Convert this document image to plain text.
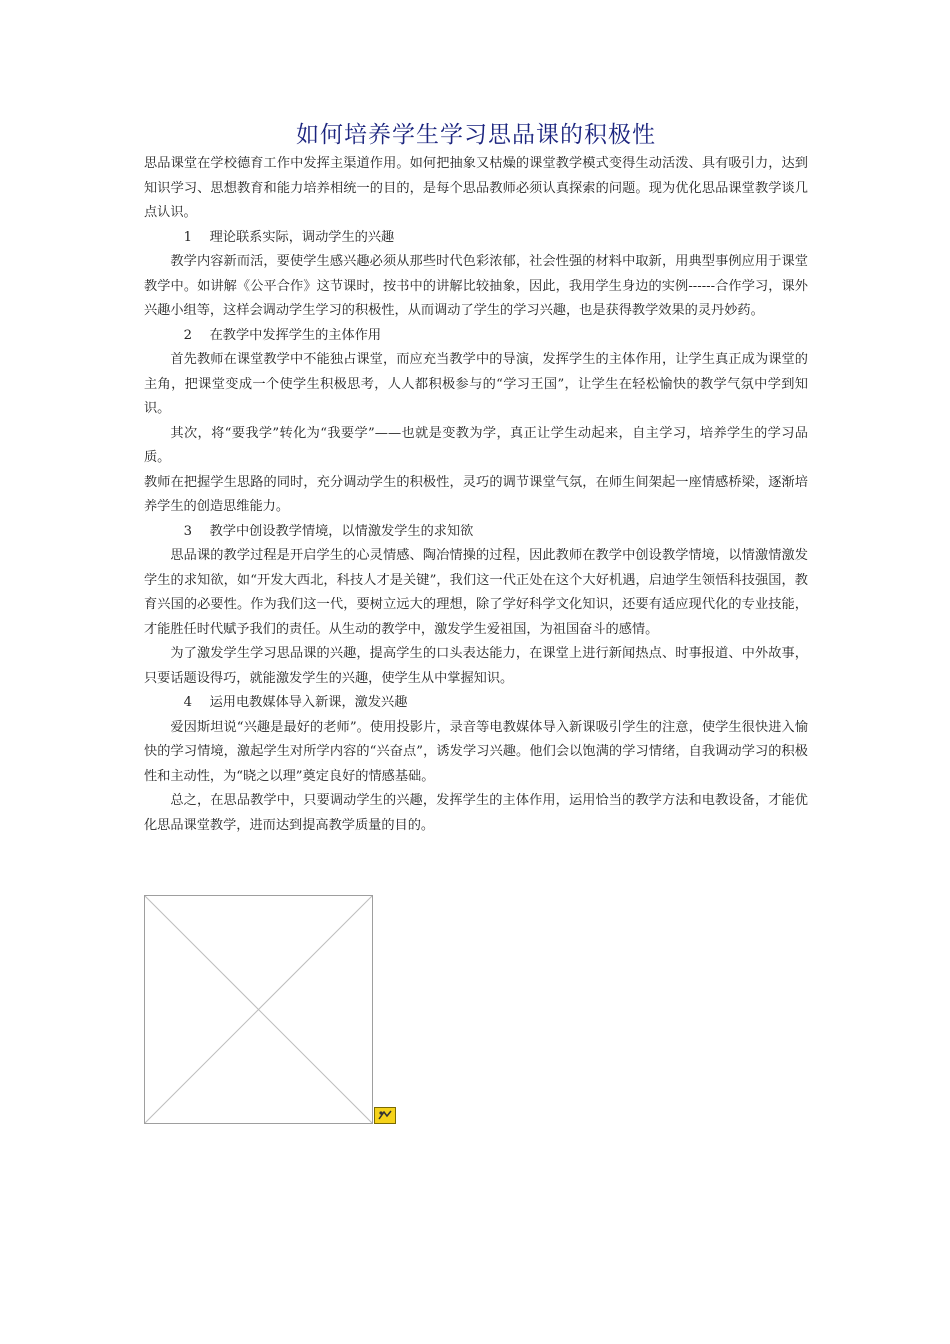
如何培养学生学习思品课的积极性

思品课堂在学校德育工作中发挥主渠道作用。如何把抽象又枯燥的课堂教学模式变得生动活泼、具有吸引力，达到知识学习、思想教育和能力培养相统一的目的，是每个思品教师必须认真探索的问题。现为优化思品课堂教学谈几点认识。

1 理论联系实际，调动学生的兴趣

教学内容新而活，要使学生感兴趣必须从那些时代色彩浓郁，社会性强的材料中取新，用典型事例应用于课堂教学中。如讲解《公平合作》这节课时，按书中的讲解比较抽象，因此，我用学生身边的实例------合作学习，课外兴趣小组等，这样会调动学生学习的积极性，从而调动了学生的学习兴趣，也是获得教学效果的灵丹妙药。

2 在教学中发挥学生的主体作用

首先教师在课堂教学中不能独占课堂，而应充当教学中的导演，发挥学生的主体作用，让学生真正成为课堂的主角，把课堂变成一个使学生积极思考，人人都积极参与的“学习王国”，让学生在轻松愉快的教学气氛中学到知识。

其次，将“要我学”转化为“我要学”——也就是变教为学，真正让学生动起来，自主学习，培养学生的学习品质。

教师在把握学生思路的同时，充分调动学生的积极性，灵巧的调节课堂气氛，在师生间架起一座情感桥梁，逐渐培养学生的创造思维能力。

3 教学中创设教学情境，以情激发学生的求知欲

思品课的教学过程是开启学生的心灵情感、陶冶情操的过程，因此教师在教学中创设教学情境，以情激情激发学生的求知欲，如“开发大西北，科技人才是关键”，我们这一代正处在这个大好机遇，启迪学生领悟科技强国，教育兴国的必要性。作为我们这一代，要树立远大的理想，除了学好科学文化知识，还要有适应现代化的专业技能，才能胜任时代赋予我们的责任。从生动的教学中，激发学生爱祖国，为祖国奋斗的感情。

为了激发学生学习思品课的兴趣，提高学生的口头表达能力，在课堂上进行新闻热点、时事报道、中外故事，只要话题设得巧，就能激发学生的兴趣，使学生从中掌握知识。

4 运用电教媒体导入新课，激发兴趣

爱因斯坦说“兴趣是最好的老师”。使用投影片，录音等电教媒体导入新课吸引学生的注意，使学生很快进入愉快的学习情境，激起学生对所学内容的“兴奋点”，诱发学习兴趣。他们会以饱满的学习情绪，自我调动学习的积极性和主动性，为“晓之以理”奠定良好的情感基础。

总之，在思品教学中，只要调动学生的兴趣，发挥学生的主体作用，运用恰当的教学方法和电教设备，才能优化思品课堂教学，进而达到提高教学质量的目的。
